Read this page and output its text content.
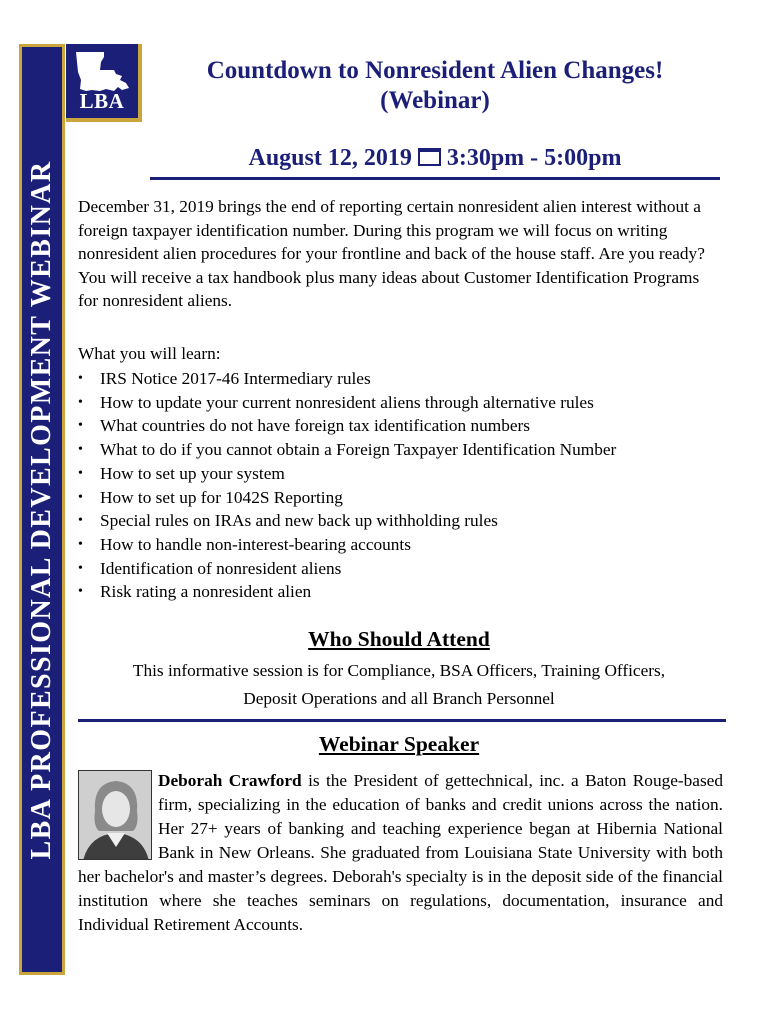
LBA PROFESSIONAL DEVELOPMENT WEBINAR
LBA
Countdown to Nonresident Alien Changes!
(Webinar)
August 12, 2019 3:30pm - 5:00pm
December 31, 2019 brings the end of reporting certain nonresident alien interest without a foreign taxpayer identification number. During this program we will focus on writing nonresident alien procedures for your frontline and back of the house staff. Are you ready? You will receive a tax handbook plus many ideas about Customer Identification Programs for nonresident aliens.
What you will learn:
• IRS Notice 2017-46 Intermediary rules
• How to update your current nonresident aliens through alternative rules
• What countries do not have foreign tax identification numbers
• What to do if you cannot obtain a Foreign Taxpayer Identification Number
• How to set up your system
• How to set up for 1042S Reporting
• Special rules on IRAs and new back up withholding rules
• How to handle non-interest-bearing accounts
• Identification of nonresident aliens
• Risk rating a nonresident alien
Who Should Attend
This informative session is for Compliance, BSA Officers, Training Officers,
Deposit Operations and all Branch Personnel
Webinar Speaker
Deborah Crawford is the President of gettechnical, inc. a Baton Rouge-based firm, specializing in the education of banks and credit unions across the nation. Her 27+ years of banking and teaching experience began at Hibernia National Bank in New Orleans. She graduated from Louisiana State University with both her bachelor's and master’s degrees. Deborah's specialty is in the deposit side of the financial institution where she teaches seminars on regulations, documentation, insurance and Individual Retirement Accounts.
